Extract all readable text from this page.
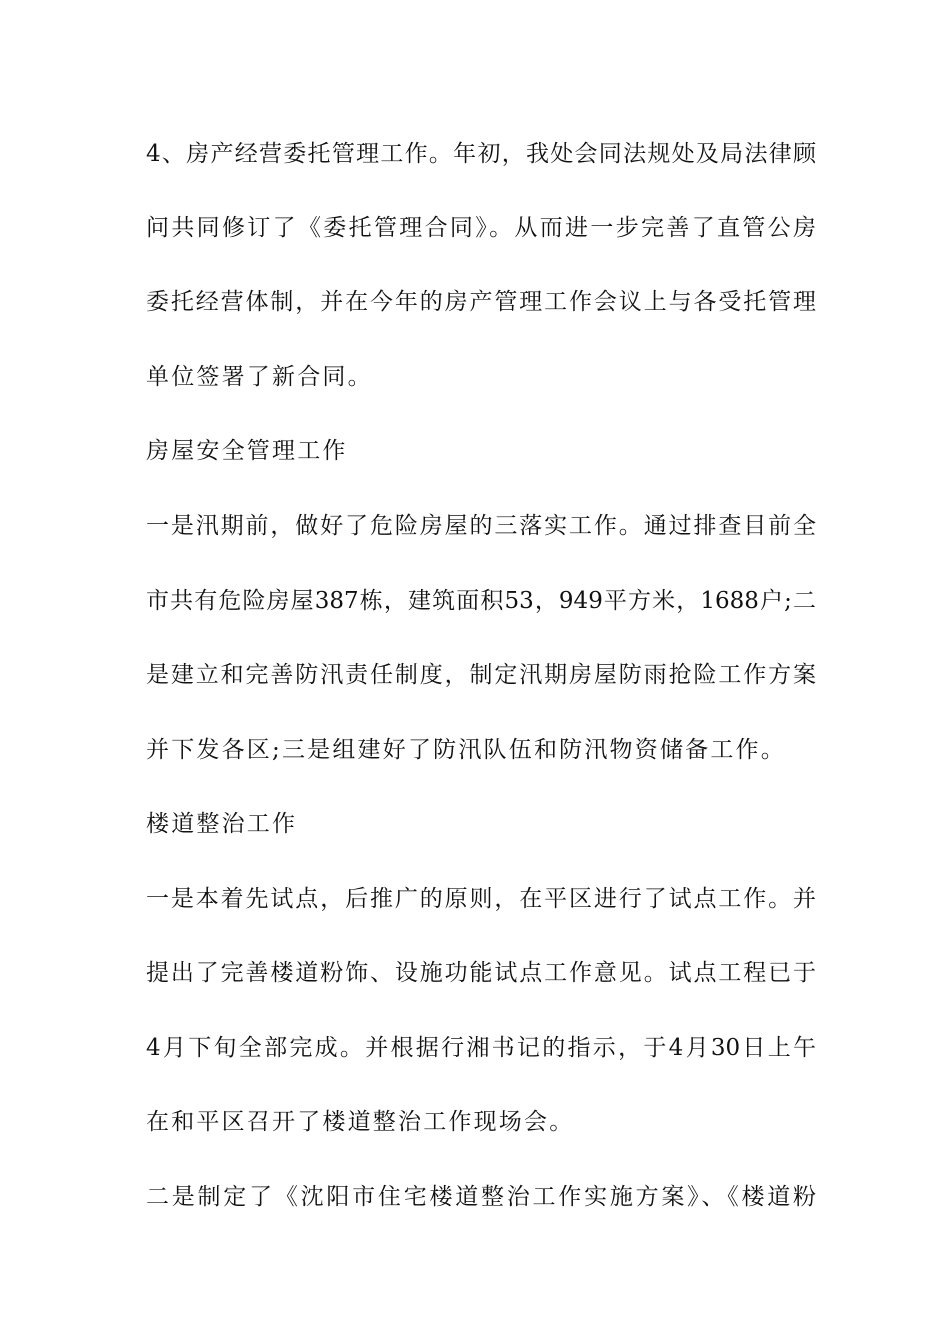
4、房产经营委托管理工作。年初，我处会同法规处及局法律顾
问共同修订了《委托管理合同》。从而进一步完善了直管公房
委托经营体制，并在今年的房产管理工作会议上与各受托管理
单位签署了新合同。
房屋安全管理工作
一是汛期前，做好了危险房屋的三落实工作。通过排查目前全
市共有危险房屋387栋，建筑面积53，949平方米，1688户;二
是建立和完善防汛责任制度，制定汛期房屋防雨抢险工作方案
并下发各区;三是组建好了防汛队伍和防汛物资储备工作。
楼道整治工作
一是本着先试点，后推广的原则，在平区进行了试点工作。并
提出了完善楼道粉饰、设施功能试点工作意见。试点工程已于
4月下旬全部完成。并根据行湘书记的指示，于4月30日上午
在和平区召开了楼道整治工作现场会。
二是制定了《沈阳市住宅楼道整治工作实施方案》、《楼道粉
